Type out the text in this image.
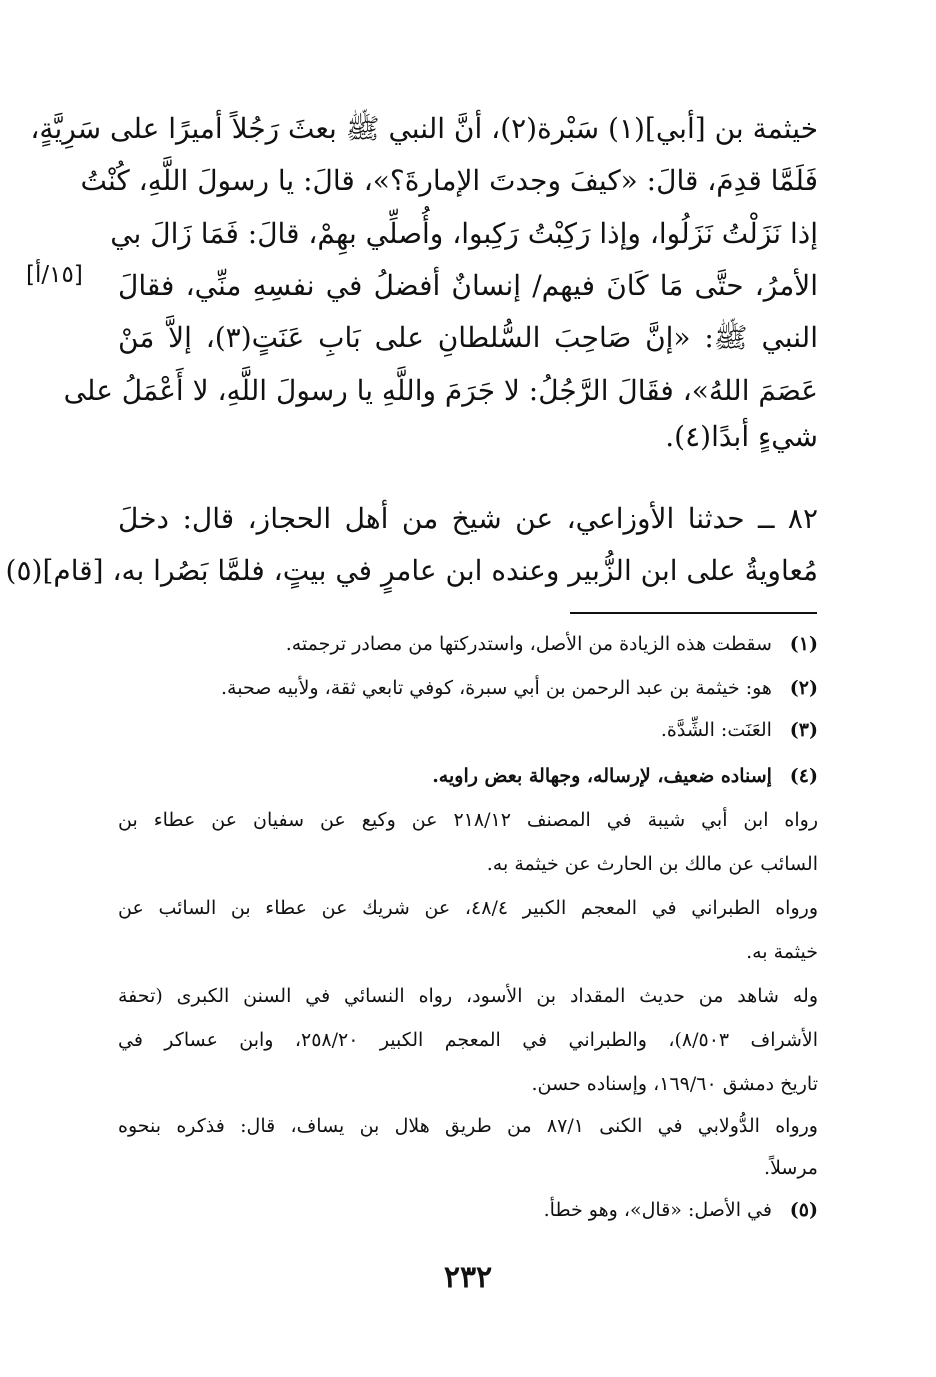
[١٥/أ]
خيثمة بن [أبي](١) سَبْرة(٢)، أنَّ النبي ﷺ بعثَ رَجُلاً أميرًا على سَرِيَّةٍ،
فَلَمَّا قدِمَ، قالَ: «كيفَ وجدتَ الإمارةَ؟»، قالَ: يا رسولَ اللَّهِ، كُنْتُ
إذا نَزَلْتُ نَزَلُوا، وإذا رَكِبْتُ رَكِبوا، وأُصلِّي بهِمْ، قالَ: فَمَا زَالَ بي
الأمرُ، حتَّى مَا كَانَ فيهم/ إنسانٌ أفضلُ في نفسِهِ منِّي، فقالَ
النبي ﷺ: «إنَّ صَاحِبَ السُّلطانِ على بَابِ عَنَتٍ(٣)، إلاَّ مَنْ
عَصَمَ اللهُ»، فقَالَ الرَّجُلُ: لا جَرَمَ واللَّهِ يا رسولَ اللَّهِ، لا أَعْمَلُ على
شيءٍ أبدًا(٤).
٨٢ ــ حدثنا الأوزاعي، عن شيخ من أهل الحجاز، قال: دخلَ
مُعاويةُ على ابن الزُّبير وعنده ابن عامرٍ في بيتٍ، فلمَّا بَصُرا به، [قام](٥)
(١) سقطت هذه الزيادة من الأصل، واستدركتها من مصادر ترجمته.
(٢) هو: خيثمة بن عبد الرحمن بن أبي سبرة، كوفي تابعي ثقة، ولأبيه صحبة.
(٣) العَنَت: الشِّدَّة.
(٤) إسناده ضعيف، لإرساله، وجهالة بعض راويه.
رواه ابن أبي شيبة في المصنف ٢١٨/١٢ عن وكيع عن سفيان عن عطاء بن
السائب عن مالك بن الحارث عن خيثمة به.
ورواه الطبراني في المعجم الكبير ٤٨/٤، عن شريك عن عطاء بن السائب عن
خيثمة به.
وله شاهد من حديث المقداد بن الأسود، رواه النسائي في السنن الكبرى (تحفة
الأشراف ٨/٥٠٣)، والطبراني في المعجم الكبير ٢٥٨/٢٠، وابن عساكر في
تاريخ دمشق ١٦٩/٦٠، وإسناده حسن.
ورواه الدُّولابي في الكنى ٨٧/١ من طريق هلال بن يساف، قال: فذكره بنحوه
مرسلاً.
(٥) في الأصل: «قال»، وهو خطأ.
٢٣٢
